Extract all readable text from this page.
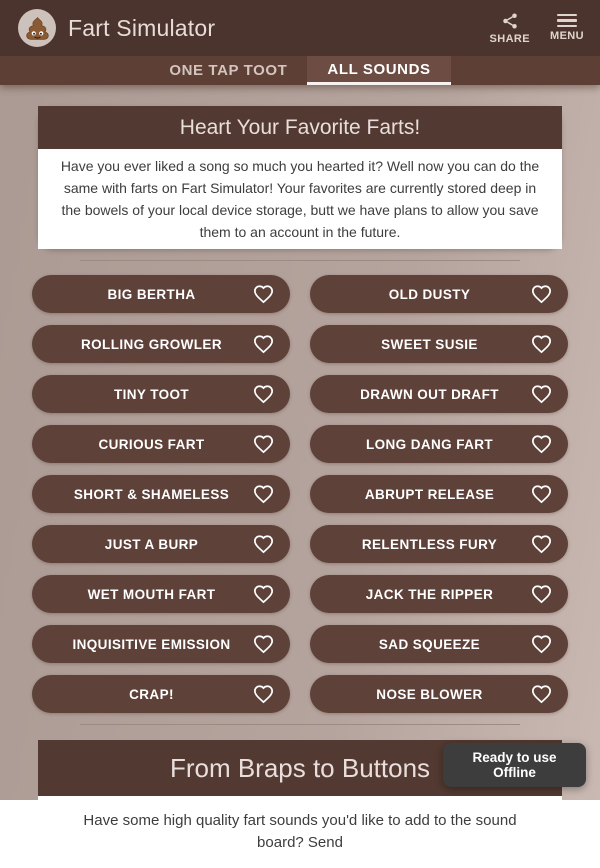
Fart Simulator	SHARE MENU
ONE TAP TOOT	ALL SOUNDS
Heart Your Favorite Farts!
Have you ever liked a song so much you hearted it? Well now you can do the same with farts on Fart Simulator! Your favorites are currently stored deep in the bowels of your local device storage, butt we have plans to allow you save them to an account in the future.
BIG BERTHA	OLD DUSTY
ROLLING GROWLER	SWEET SUSIE
TINY TOOT	DRAWN OUT DRAFT
CURIOUS FART	LONG DANG FART
SHORT & SHAMELESS	ABRUPT RELEASE
JUST A BURP	RELENTLESS FURY
WET MOUTH FART	JACK THE RIPPER
INQUISITIVE EMISSION	SAD SQUEEZE
CRAP!	NOSE BLOWER
From Braps to Buttons
Have some high quality fart sounds you'd like to add to the sound board? Send
Ready to use Offline
